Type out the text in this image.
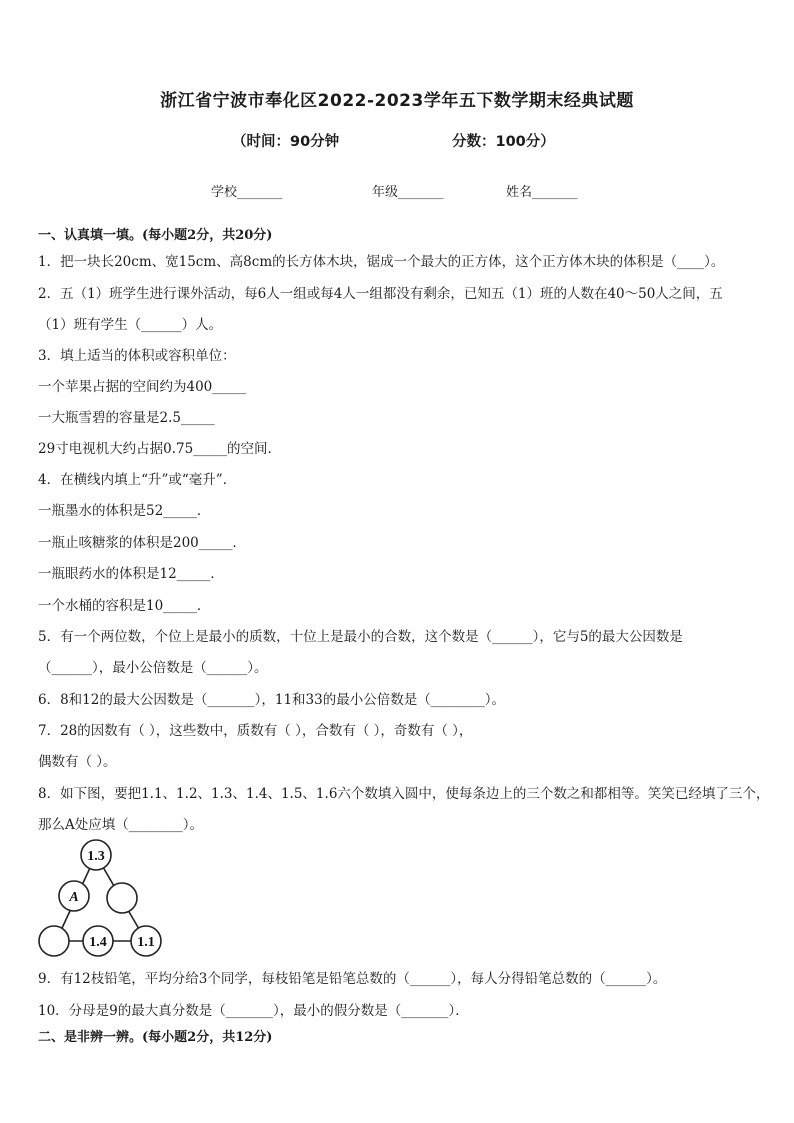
浙江省宁波市奉化区2022-2023学年五下数学期末经典试题
（时间：90分钟	分数：100分）
学校_______	年级_______	姓名_______
一、认真填一填。(每小题2分，共20分)
1．把一块长20cm、宽15cm、高8cm的长方体木块，锯成一个最大的正方体，这个正方体木块的体积是（____）。
2．五（1）班学生进行课外活动，每6人一组或每4人一组都没有剩余，已知五（1）班的人数在40～50人之间，五
（1）班有学生（______）人。
3．填上适当的体积或容积单位：
一个苹果占据的空间约为400_____
一大瓶雪碧的容量是2.5_____
29寸电视机大约占据0.75_____的空间．
4．在横线内填上“升”或“毫升”．
一瓶墨水的体积是52_____．
一瓶止咳糖浆的体积是200_____．
一瓶眼药水的体积是12_____．
一个水桶的容积是10_____．
5．有一个两位数，个位上是最小的质数，十位上是最小的合数，这个数是（______），它与5的最大公因数是
（______），最小公倍数是（______）。
6．8和12的最大公因数是（_______），11和33的最小公倍数是（________）。
7．28的因数有（ ），这些数中，质数有（ ），合数有（ ），奇数有（ ），
偶数有（ ）。
8．如下图，要把1.1、1.2、1.3、1.4、1.5、1.6六个数填入圆中，使每条边上的三个数之和都相等。笑笑已经填了三个，
那么A处应填（________）。
1.3
A
1.4 1.1
9．有12枝铅笔，平均分给3个同学，每枝铅笔是铅笔总数的（______），每人分得铅笔总数的（______）。
10．分母是9的最大真分数是（_______），最小的假分数是（_______）．
二、是非辨一辨。(每小题2分，共12分)
